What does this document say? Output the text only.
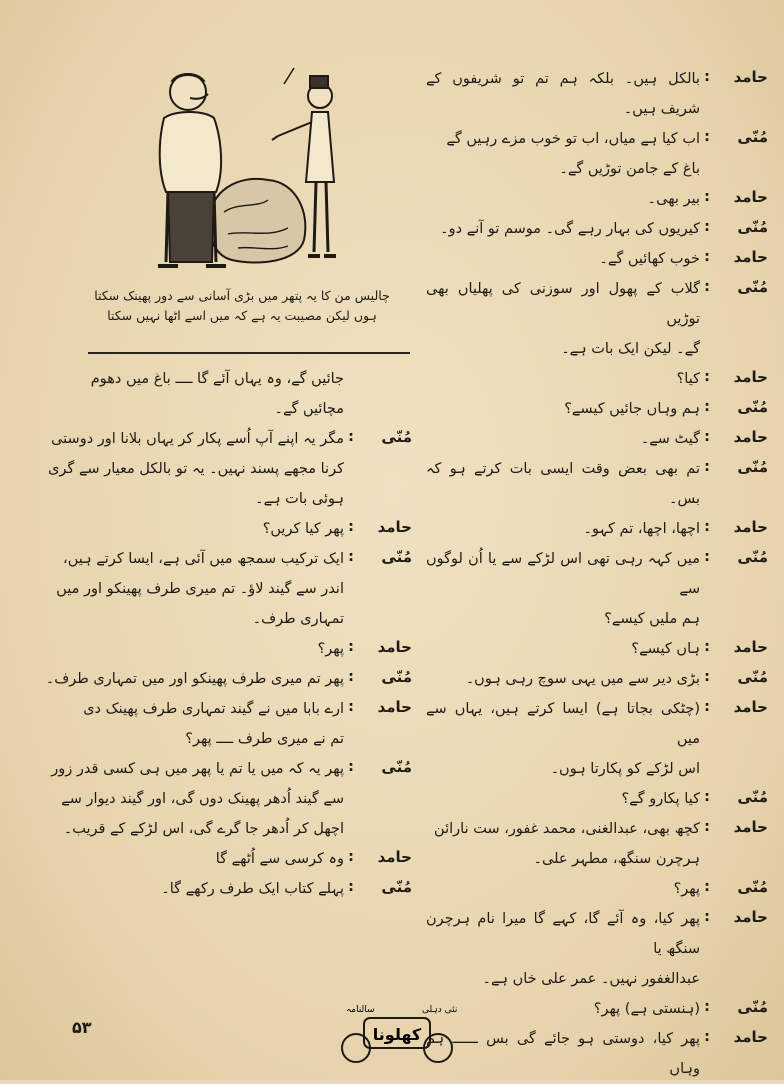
چالیس من کا یہ پتھر میں بڑی آسانی سے دور پھینک سکتا ہوں لیکن مصیبت یہ ہے کہ میں اسے اٹھا نہیں سکتا
حامد
:
بالکل ہیں۔ بلکہ ہم تم تو شریفوں کے شریف ہیں۔
مُنّی
:
اب کیا ہے میاں، اب تو خوب مزے رہیں گے
باغ کے جامن توڑیں گے۔
حامد
:
بیر بھی۔
مُنّی
:
کیریوں کی بہار رہے گی۔ موسم تو آنے دو۔
حامد
:
خوب کھائیں گے۔
مُنّی
:
گلاب کے پھول اور سوزنی کی پھلیاں بھی توڑیں
گے۔ لیکن ایک بات ہے۔
حامد
:
کیا؟
مُنّی
:
ہم وہاں جائیں کیسے؟
حامد
:
گیٹ سے۔
مُنّی
:
تم بھی بعض وقت ایسی بات کرتے ہو کہ بس۔
حامد
:
اچھا، اچھا، تم کہو۔
مُنّی
:
میں کہہ رہی تھی اس لڑکے سے یا اُن لوگوں سے
ہم ملیں کیسے؟
حامد
:
ہاں کیسے؟
مُنّی
:
بڑی دیر سے میں یہی سوچ رہی ہوں۔
حامد
:
(چٹکی بجاتا ہے) ایسا کرتے ہیں، یہاں سے میں
اس لڑکے کو پکارتا ہوں۔
مُنّی
:
کیا پکارو گے؟
حامد
:
کچھ بھی، عبدالغنی، محمد غفور، ست نارائن
ہرچرن سنگھ، مطہر علی۔
مُنّی
:
پھر؟
حامد
:
پھر کیا، وہ آئے گا، کہے گا میرا نام ہرچرن سنگھ یا
عبدالغفور نہیں۔ عمر علی خاں ہے۔
مُنّی
:
(ہنستی ہے) پھر؟
حامد
:
پھر کیا، دوستی ہو جائے گی بس ــــــ ہم وہاں
جائیں گے، وہ یہاں آئے گا ــــ باغ میں دھوم
مچائیں گے۔
مُنّی
:
مگر یہ اپنے آپ اُسے پکار کر یہاں بلانا اور دوستی
کرنا مجھے پسند نہیں۔ یہ تو بالکل معیار سے گری
ہوئی بات ہے۔
حامد
:
پھر کیا کریں؟
مُنّی
:
ایک ترکیب سمجھ میں آئی ہے، ایسا کرتے ہیں،
اندر سے گیند لاؤ۔ تم میری طرف پھینکو اور میں
تمہاری طرف۔
حامد
:
پھر؟
مُنّی
:
پھر تم میری طرف پھینکو اور میں تمہاری طرف۔
حامد
:
ارے بابا میں نے گیند تمہاری طرف پھینک دی
تم نے میری طرف ــــ پھر؟
مُنّی
:
پھر یہ کہ میں یا تم یا پھر میں ہی کسی قدر زور
سے گیند اُدھر پھینک دوں گی، اور گیند دیوار سے
اچھل کر اُدھر جا گرے گی، اس لڑکے کے قریب۔
حامد
:
وہ کرسی سے اُٹھے گا
مُنّی
:
پہلے کتاب ایک طرف رکھے گا۔
۵۳	کھلونا
سالنامہ	نئی دہلی
